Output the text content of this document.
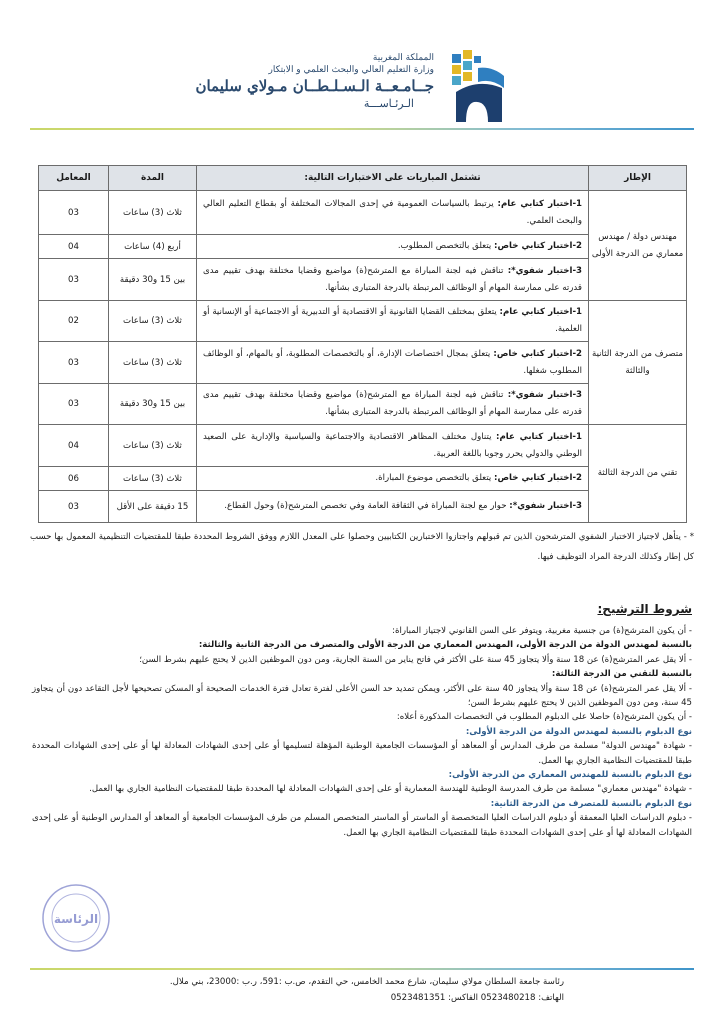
المملكة المغربية
وزارة التعليم العالي والبحث العلمي و الابتكار
جــامـعــة الـسـلـطــان مـولاي سليمان
الـرئـاســـة
الإطار	تشتمل المباريات على الاختبارات التالية:	المدة	المعامل
مهندس دولة / مهندس معماري من الدرجة الأولى	1-اختبار كتابي عام: يرتبط بالسياسات العمومية في إحدى المجالات المختلفة أو بقطاع التعليم العالي والبحث العلمي.	ثلاث (3) ساعات	03
	2-اختبار كتابي خاص: يتعلق بالتخصص المطلوب.	أربع (4) ساعات	04
	3-اختبار شفوي*: تناقش فيه لجنة المباراة مع المترشح(ة) مواضيع وقضايا مختلفة بهدف تقييم مدى قدرته على ممارسة المهام أو الوظائف المرتبطة بالدرجة المتبارى بشأنها.	بين 15 و30 دقيقة	03
متصرف من الدرجة الثانية والثالثة	1-اختبار كتابي عام: يتعلق بمختلف القضايا القانونية أو الاقتصادية أو التدبيرية أو الاجتماعية أو الإنسانية أو العلمية.	ثلاث (3) ساعات	02
	2-اختبار كتابي خاص: يتعلق بمجال اختصاصات الإدارة، أو بالتخصصات المطلوبة، أو بالمهام، أو الوظائف المطلوب شغلها.	ثلاث (3) ساعات	03
	3-اختبار شفوي*: تناقش فيه لجنة المباراة مع المترشح(ة) مواضيع وقضايا مختلفة بهدف تقييم مدى قدرته على ممارسة المهام أو الوظائف المرتبطة بالدرجة المتبارى بشأنها.	بين 15 و30 دقيقة	03
تقني من الدرجة الثالثة	1-اختبار كتابي عام: يتناول مختلف المظاهر الاقتصادية والاجتماعية والسياسية والإدارية على الصعيد الوطني والدولي يحرر وجوبا باللغة العربية.	ثلاث (3) ساعات	04
	2-اختبار كتابي خاص: يتعلق بالتخصص موضوع المباراة.	ثلاث (3) ساعات	06
	3-اختبار شفوي*: حوار مع لجنة المباراة في الثقافة العامة وفي تخصص المترشح(ة) وحول القطاع.	15 دقيقة على الأقل	03
* - يتأهل لاجتياز الاختبار الشفوي المترشحون الذين تم قبولهم واجتازوا الاختبارين الكتابيين وحصلوا على المعدل اللازم ووفق الشروط المحددة طبقا للمقتضيات التنظيمية المعمول بها حسب كل إطار وكذلك الدرجة المراد التوظيف فيها.
شروط الترشيح:

- أن يكون المترشح(ة) من جنسية مغربية، ويتوفر على السن القانوني لاجتياز المباراة:

بالنسبة لمهندس الدولة من الدرجة الأولى، المهندس المعماري من الدرجة الأولى والمتصرف من الدرجة الثانية والثالثة:

- ألا يقل عمر المترشح(ة) عن 18 سنة وألا يتجاوز 45 سنة على الأكثر في فاتح يناير من السنة الجارية، ومن دون الموظفين الذين لا يحتج عليهم بشرط السن؛

بالنسبة للتقني من الدرجة الثالثة:

- ألا يقل عمر المترشح(ة) عن 18 سنة وألا يتجاوز 40 سنة على الأكثر، ويمكن تمديد حد السن الأعلى لفترة تعادل فترة الخدمات الصحيحة أو المسكن تصحيحها لأجل التقاعد دون أن يتجاوز 45 سنة، ومن دون الموظفين الذين لا يحتج عليهم بشرط السن؛

- أن يكون المترشح(ة) حاصلا على الدبلوم المطلوب في التخصصات المذكورة أعلاه:

نوع الدبلوم بالنسبة لمهندس الدولة من الدرجة الأولى:

- شهادة "مهندس الدولة" مسلمة من طرف المدارس أو المعاهد أو المؤسسات الجامعية الوطنية المؤهلة لتسليمها أو على إحدى الشهادات المعادلة لها أو على إحدى الشهادات المحددة طبقا للمقتضيات النظامية الجاري بها العمل.

نوع الدبلوم بالنسبة للمهندس المعماري من الدرجة الأولى:

- شهادة "مهندس معماري" مسلمة من طرف المدرسة الوطنية للهندسة المعمارية أو على إحدى الشهادات المعادلة لها المحددة طبقا للمقتضيات النظامية الجاري بها العمل.

نوع الدبلوم بالنسبة للمتصرف من الدرجة الثانية:

- دبلوم الدراسات العليا المعمقة أو دبلوم الدراسات العليا المتخصصة أو الماستر أو الماستر المتخصص المسلم من طرف المؤسسات الجامعية أو المعاهد أو المدارس الوطنية أو على إحدى الشهادات المعادلة لها أو على إحدى الشهادات المحددة طبقا للمقتضيات النظامية الجاري بها العمل.

الرئاسة
رئاسة جامعة السلطان مولاي سليمان، شارع محمد الخامس، حي التقدم، ص.ب :591، ر.ب :23000، بني ملال.
الهاتف: 0523480218 الفاكس: 0523481351
